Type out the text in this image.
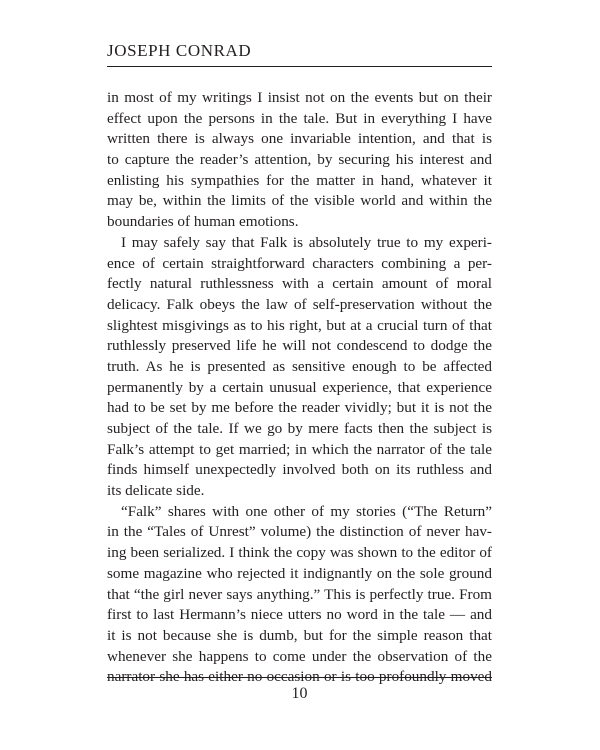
JOSEPH CONRAD
in most of my writings I insist not on the events but on their
effect upon the persons in the tale. But in everything I have
written there is always one invariable intention, and that is
to capture the reader’s attention, by securing his interest and
enlisting his sympathies for the matter in hand, whatever it
may be, within the limits of the visible world and within the
boundaries of human emotions.
I may safely say that Falk is absolutely true to my experi-
ence of certain straightforward characters combining a per-
fectly natural ruthlessness with a certain amount of moral
delicacy. Falk obeys the law of self-preservation without the
slightest misgivings as to his right, but at a crucial turn of that
ruthlessly preserved life he will not condescend to dodge the
truth. As he is presented as sensitive enough to be affected
permanently by a certain unusual experience, that experience
had to be set by me before the reader vividly; but it is not the
subject of the tale. If we go by mere facts then the subject is
Falk’s attempt to get married; in which the narrator of the tale
finds himself unexpectedly involved both on its ruthless and
its delicate side.
“Falk” shares with one other of my stories (“The Return”
in the “Tales of Unrest” volume) the distinction of never hav-
ing been serialized. I think the copy was shown to the editor of
some magazine who rejected it indignantly on the sole ground
that “the girl never says anything.” This is perfectly true. From
first to last Hermann’s niece utters no word in the tale — and
it is not because she is dumb, but for the simple reason that
whenever she happens to come under the observation of the
narrator she has either no occasion or is too profoundly moved
10
